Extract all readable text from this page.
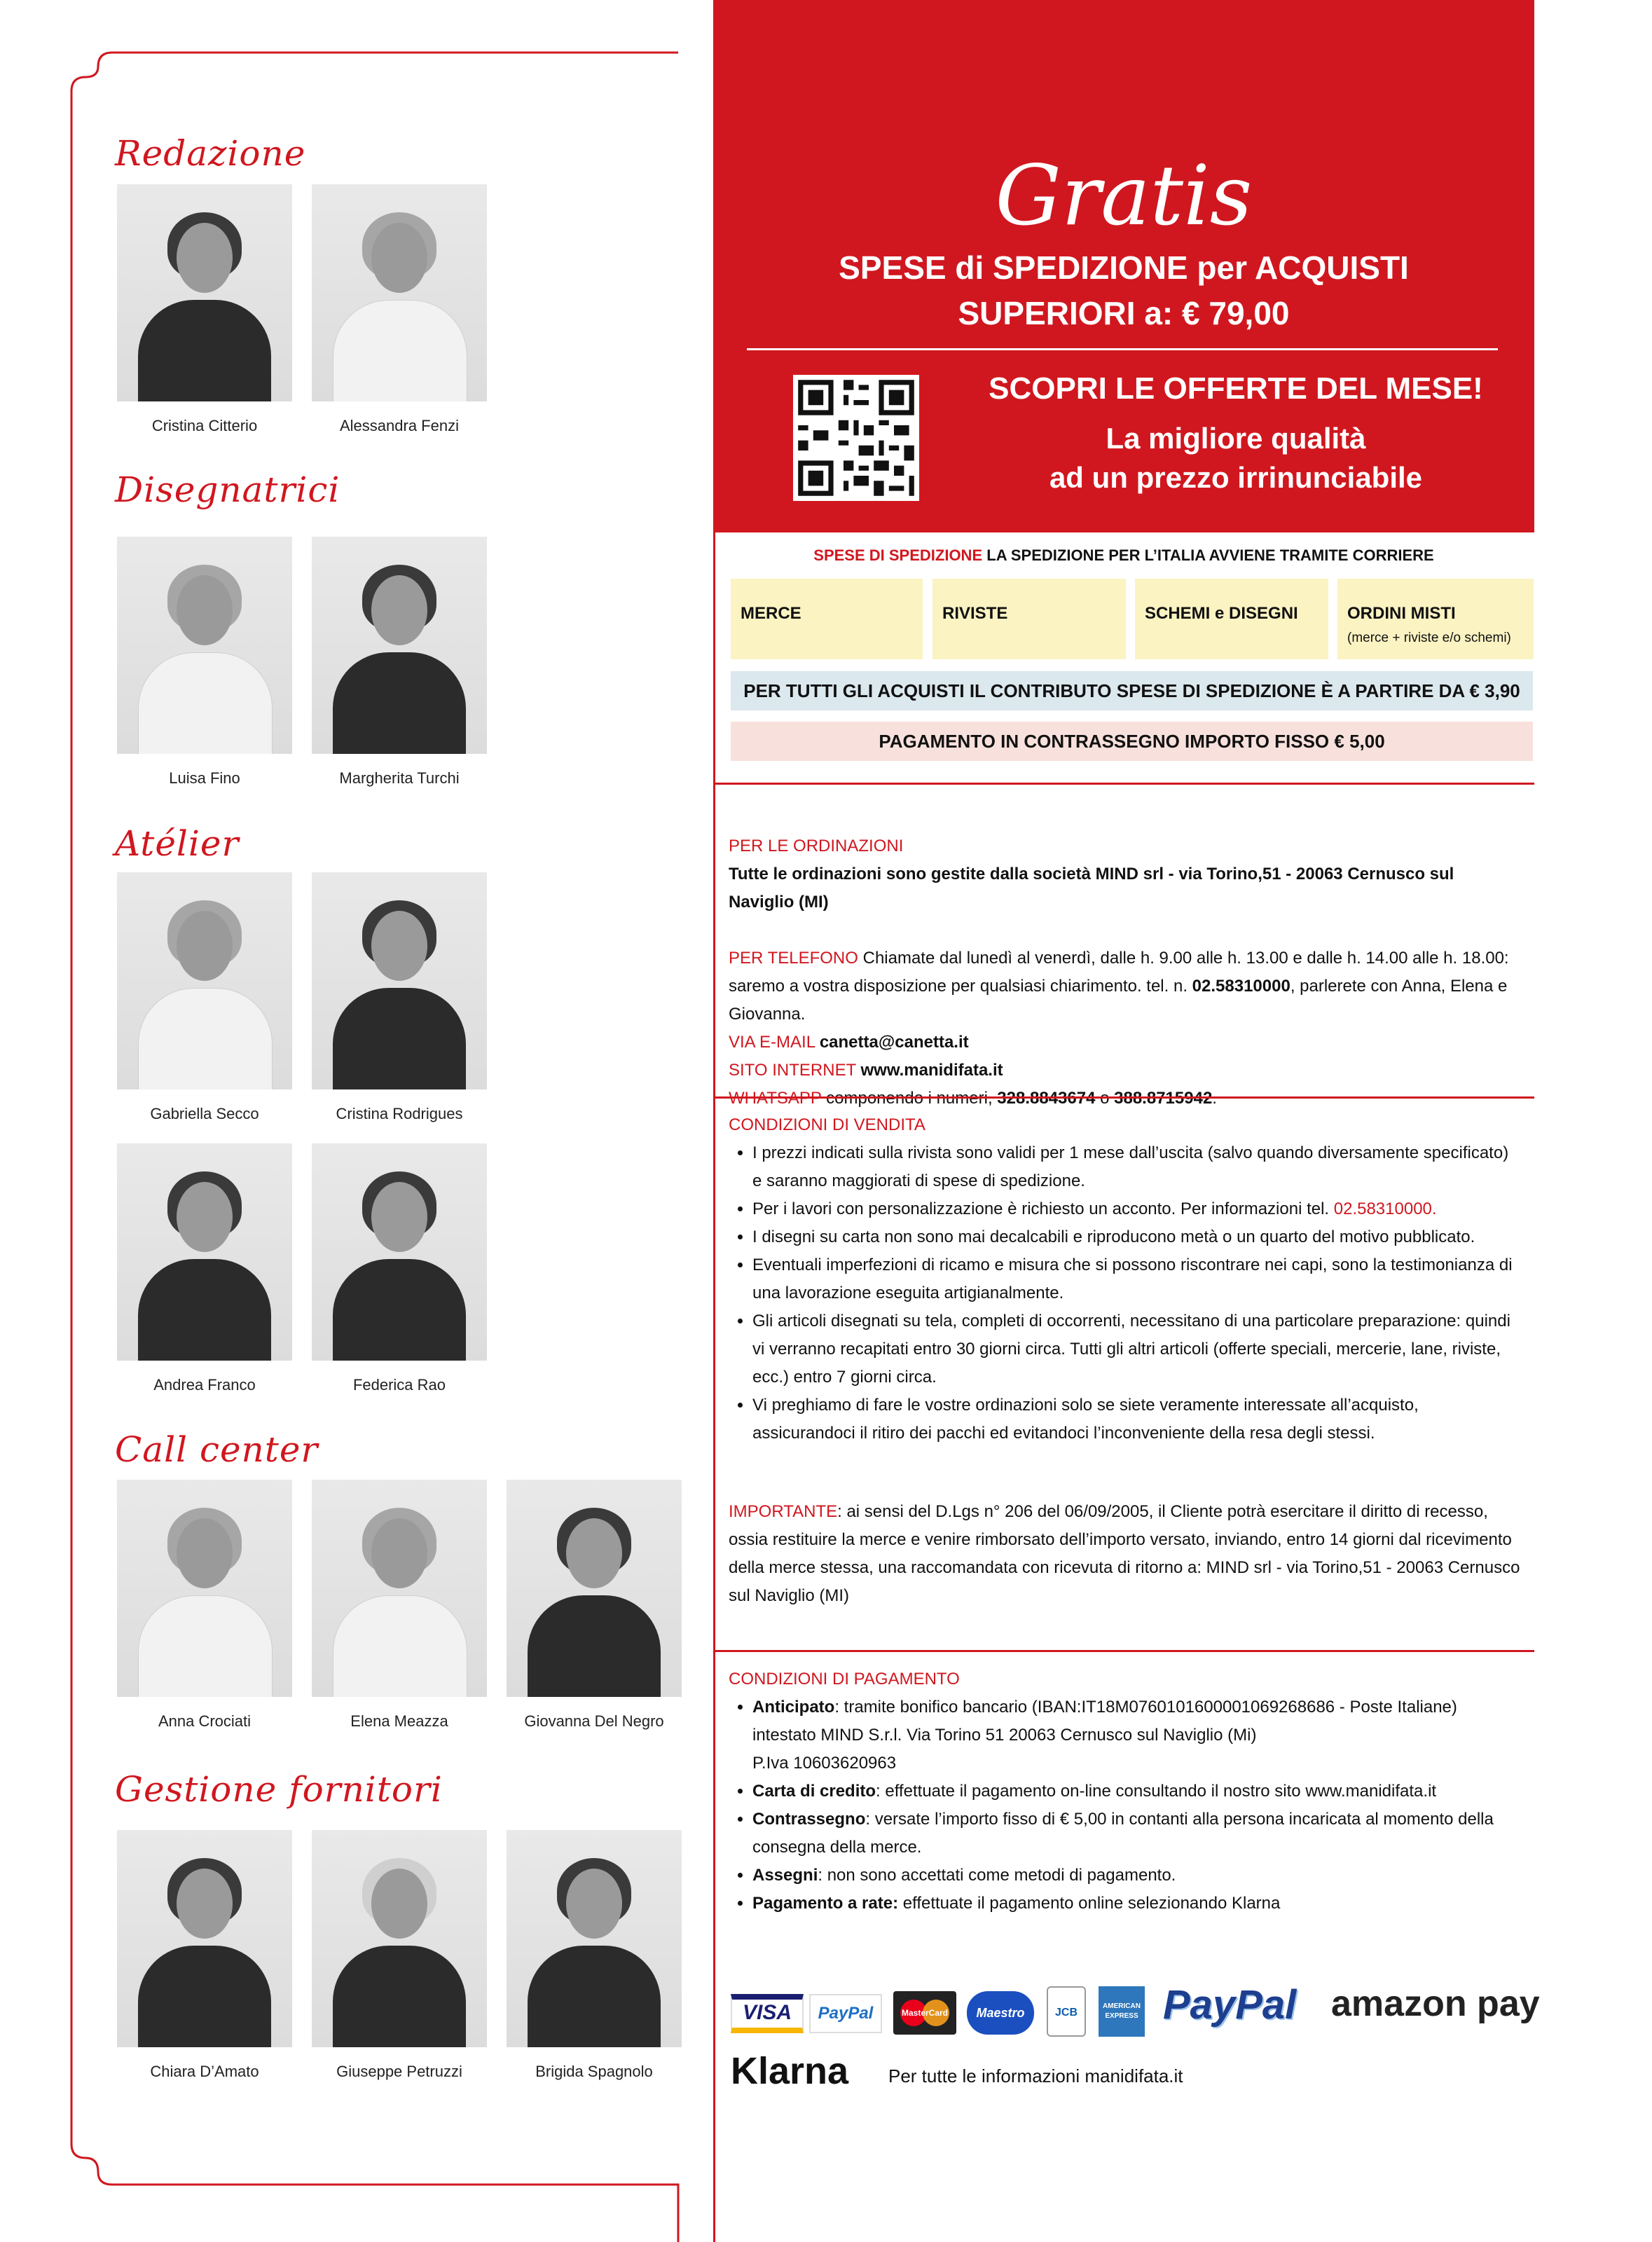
Redazione
Cristina Citterio	Alessandra Fenzi
Disegnatrici
Luisa Fino	Margherita Turchi
Atélier
Gabriella Secco	Cristina Rodrigues
Andrea Franco	Federica Rao
Call center
Anna Crociati	Elena Meazza	Giovanna Del Negro
Gestione fornitori
Chiara D’Amato	Giuseppe Petruzzi	Brigida Spagnolo
Gratis
SPESE di SPEDIZIONE per ACQUISTI
SUPERIORI a: € 79,00
SCOPRI LE OFFERTE DEL MESE!
La migliore qualità
ad un prezzo irrinunciabile
SPESE DI SPEDIZIONE LA SPEDIZIONE PER L’ITALIA AVVIENE TRAMITE CORRIERE
MERCE	RIVISTE	SCHEMI e DISEGNI	ORDINI MISTI
(merce + riviste e/o schemi)
PER TUTTI GLI ACQUISTI IL CONTRIBUTO SPESE DI SPEDIZIONE È A PARTIRE DA € 3,90
PAGAMENTO IN CONTRASSEGNO IMPORTO FISSO € 5,00
PER LE ORDINAZIONI
Tutte le ordinazioni sono gestite dalla società MIND srl - via Torino,51 - 20063 Cernusco sul Naviglio (MI)
PER TELEFONO Chiamate dal lunedì al venerdì, dalle h. 9.00 alle h. 13.00 e dalle h. 14.00 alle h. 18.00: saremo a vostra disposizione per qualsiasi chiarimento. tel. n. 02.58310000, parlerete con Anna, Elena e Giovanna.
VIA E-MAIL canetta@canetta.it
SITO INTERNET www.manidifata.it
CONDIZIONI DI VENDITA
• I prezzi indicati sulla rivista sono validi per 1 mese dall’uscita (salvo quando diversamente specificato) e saranno maggiorati di spese di spedizione.
• Per i lavori con personalizzazione è richiesto un acconto. Per informazioni tel. 02.58310000.
• I disegni su carta non sono mai decalcabili e riproducono metà o un quarto del motivo pubblicato.
• Eventuali imperfezioni di ricamo e misura che si possono riscontrare nei capi, sono la testimonianza di una lavorazione eseguita artigianalmente.
• Gli articoli disegnati su tela, completi di occorrenti, necessitano di una particolare preparazione: quindi vi verranno recapitati entro 30 giorni circa. Tutti gli altri articoli (offerte speciali, mercerie, lane, riviste, ecc.) entro 7 giorni circa.
• Vi preghiamo di fare le vostre ordinazioni solo se siete veramente interessate all’acquisto, assicurandoci il ritiro dei pacchi ed evitandoci l’inconveniente della resa degli stessi.
IMPORTANTE: ai sensi del D.Lgs n° 206 del 06/09/2005, il Cliente potrà esercitare il diritto di recesso, ossia restituire la merce e venire rimborsato dell’importo versato, inviando, entro 14 giorni dal ricevimento della merce stessa, una raccomandata con ricevuta di ritorno a: MIND srl - via Torino,51 - 20063 Cernusco sul Naviglio (MI)
CONDIZIONI DI PAGAMENTO
• Anticipato: tramite bonifico bancario (IBAN:IT18M0760101600001069268686 - Poste Italiane) intestato MIND S.r.l. Via Torino 51 20063 Cernusco sul Naviglio (Mi)
P.Iva 10603620963
• Carta di credito: effettuate il pagamento on-line consultando il nostro sito www.manidifata.it
• Contrassegno: versate l’importo fisso di € 5,00 in contanti alla persona incaricata al momento della consegna della merce.
• Assegni: non sono accettati come metodi di pagamento.
• Pagamento a rate: effettuate il pagamento online selezionando Klarna
VISA	PayPal	MasterCard	Maestro	JCB
AMERICAN EXPRESS PayPal amazon pay
Klarna Per tutte le informazioni manidifata.it
